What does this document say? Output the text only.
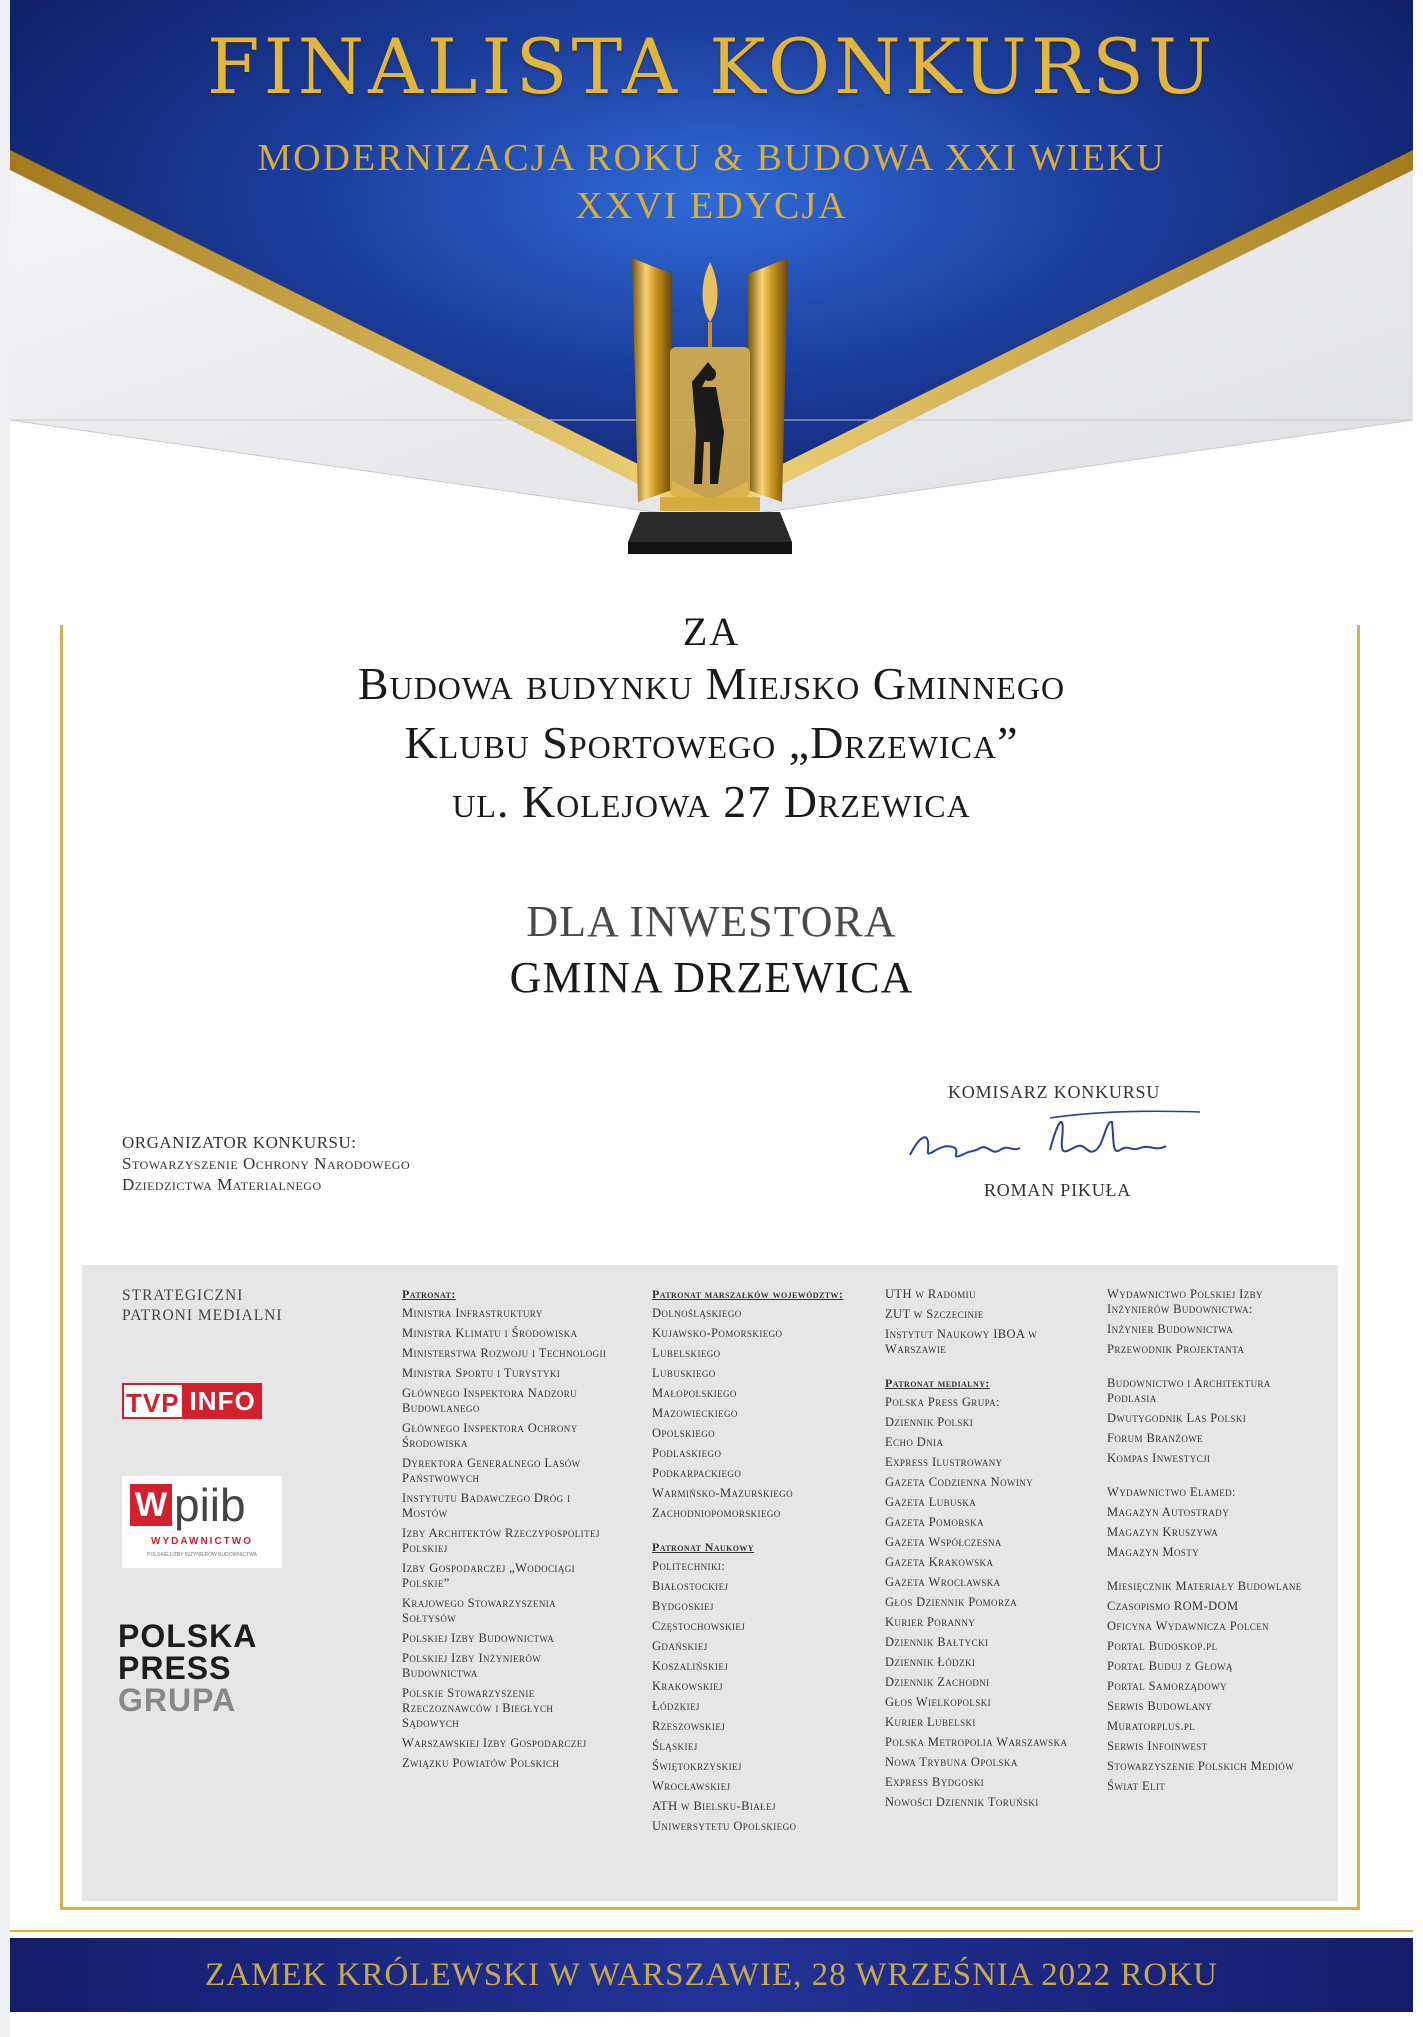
FINALISTA KONKURSU
MODERNIZACJA ROKU & BUDOWA XXI WIEKU
XXVI EDYCJA
ZA
Budowa budynku Miejsko Gminnego
Klubu Sportowego „Drzewica”
ul. Kolejowa 27 Drzewica
DLA INWESTORA
GMINA DRZEWICA
ORGANIZATOR KONKURSU:
Stowarzyszenie Ochrony Narodowego
Dziedzictwa Materialnego
KOMISARZ KONKURSU
ROMAN PIKUŁA
STRATEGICZNI
PATRONI MEDIALNI
TVP INFO
W piib
WYDAWNICTWO
POLSKIEJ IZBY INŻYNIERÓW BUDOWNICTWA
POLSKA
PRESS
GRUPA
Patronat:
Ministra Infrastruktury
Ministra Klimatu i Środowiska
Ministerstwa Rozwoju i Technologii
Ministra Sportu i Turystyki
Głównego Inspektora Nadzoru Budowlanego
Głównego Inspektora Ochrony Środowiska
Dyrektora Generalnego Lasów Państwowych
Instytutu Badawczego Dróg i Mostów
Izby Architektów Rzeczypospolitej Polskiej
Izby Gospodarczej „Wodociągi Polskie”
Krajowego Stowarzyszenia Sołtysów
Polskiej Izby Budownictwa
Polskiej Izby Inżynierów Budownictwa
Polskie Stowarzyszenie Rzeczoznawców i Biegłych Sądowych
Warszawskiej Izby Gospodarczej
Związku Powiatów Polskich
Patronat marszałków województw:
Dolnośląskiego
Kujawsko-Pomorskiego
Lubelskiego
Lubuskiego
Małopolskiego
Mazowieckiego
Opolskiego
Podlaskiego
Podkarpackiego
Warmińsko-Mazurskiego
Zachodniopomorskiego
Patronat Naukowy
Politechniki:
Białostockiej
Bydgoskiej
Częstochowskiej
Gdańskiej
Koszalińskiej
Krakowskiej
Łódzkiej
Rzeszowskiej
Śląskiej
Świętokrzyskiej
Wrocławskiej
ATH w Bielsku-Białej
Uniwersytetu Opolskiego
UTH w Radomiu
ZUT w Szczecinie
Instytut Naukowy IBOA w Warszawie
Patronat medialny:
Polska Press Grupa:
Dziennik Polski
Echo Dnia
Express Ilustrowany
Gazeta Codzienna Nowiny
Gazeta Lubuska
Gazeta Pomorska
Gazeta Współczesna
Gazeta Krakowska
Gazeta Wrocławska
Głos Dziennik Pomorza
Kurier Poranny
Dziennik Bałtycki
Dziennik Łódzki
Dziennik Zachodni
Głos Wielkopolski
Kurier Lubelski
Polska Metropolia Warszawska
Nowa Trybuna Opolska
Express Bydgoski
Nowości Dziennik Toruński
Wydawnictwo Polskiej Izby Inżynierów Budownictwa:
Inżynier Budownictwa
Przewodnik Projektanta
Budownictwo i Architektura Podlasia
Dwutygodnik Las Polski
Forum Branżowe
Kompas Inwestycji
Wydawnictwo Elamed:
Magazyn Autostrady
Magazyn Kruszywa
Magazyn Mosty
Miesięcznik Materiały Budowlane
Czasopismo ROM-DOM
Oficyna Wydawnicza Polcen
Portal Budoskop.pl
Portal Buduj z Głową
Portal Samorządowy
Serwis Budowlany
Muratorplus.pl
Serwis Infoinwest
Stowarzyszenie Polskich Mediów
Świat Elit
ZAMEK KRÓLEWSKI W WARSZAWIE, 28 WRZEŚNIA 2022 ROKU
